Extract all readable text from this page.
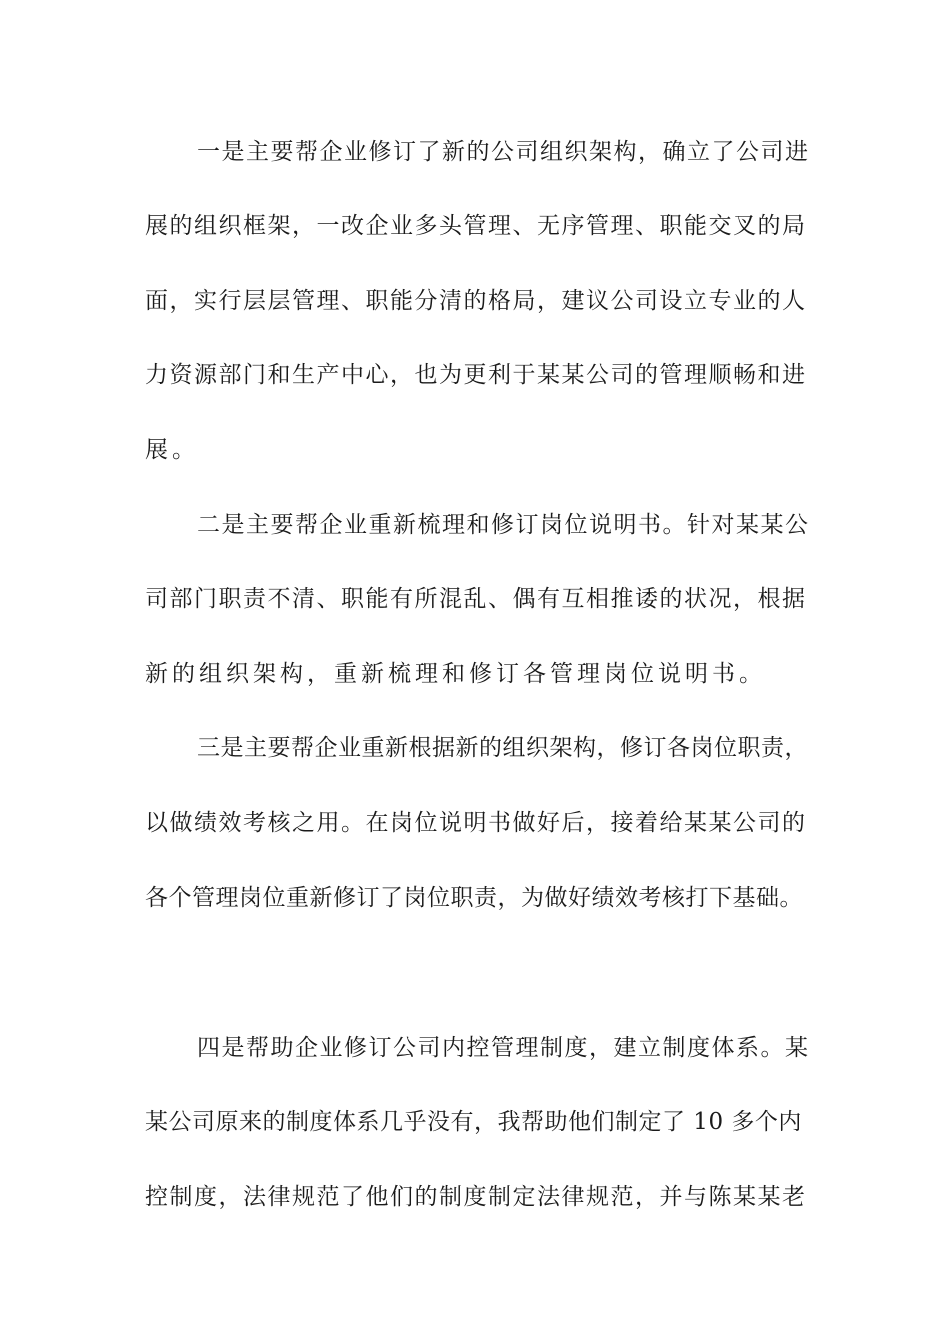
一是主要帮企业修订了新的公司组织架构，确立了公司进
展的组织框架，一改企业多头管理、无序管理、职能交叉的局
面，实行层层管理、职能分清的格局，建议公司设立专业的人
力资源部门和生产中心，也为更利于某某公司的管理顺畅和进
展。
二是主要帮企业重新梳理和修订岗位说明书。针对某某公
司部门职责不清、职能有所混乱、偶有互相推诿的状况，根据
新的组织架构，重新梳理和修订各管理岗位说明书。
三是主要帮企业重新根据新的组织架构，修订各岗位职责，
以做绩效考核之用。在岗位说明书做好后，接着给某某公司的
各个管理岗位重新修订了岗位职责，为做好绩效考核打下基础。
四是帮助企业修订公司内控管理制度，建立制度体系。某
某公司原来的制度体系几乎没有，我帮助他们制定了 10 多个内
控制度，法律规范了他们的制度制定法律规范，并与陈某某老
